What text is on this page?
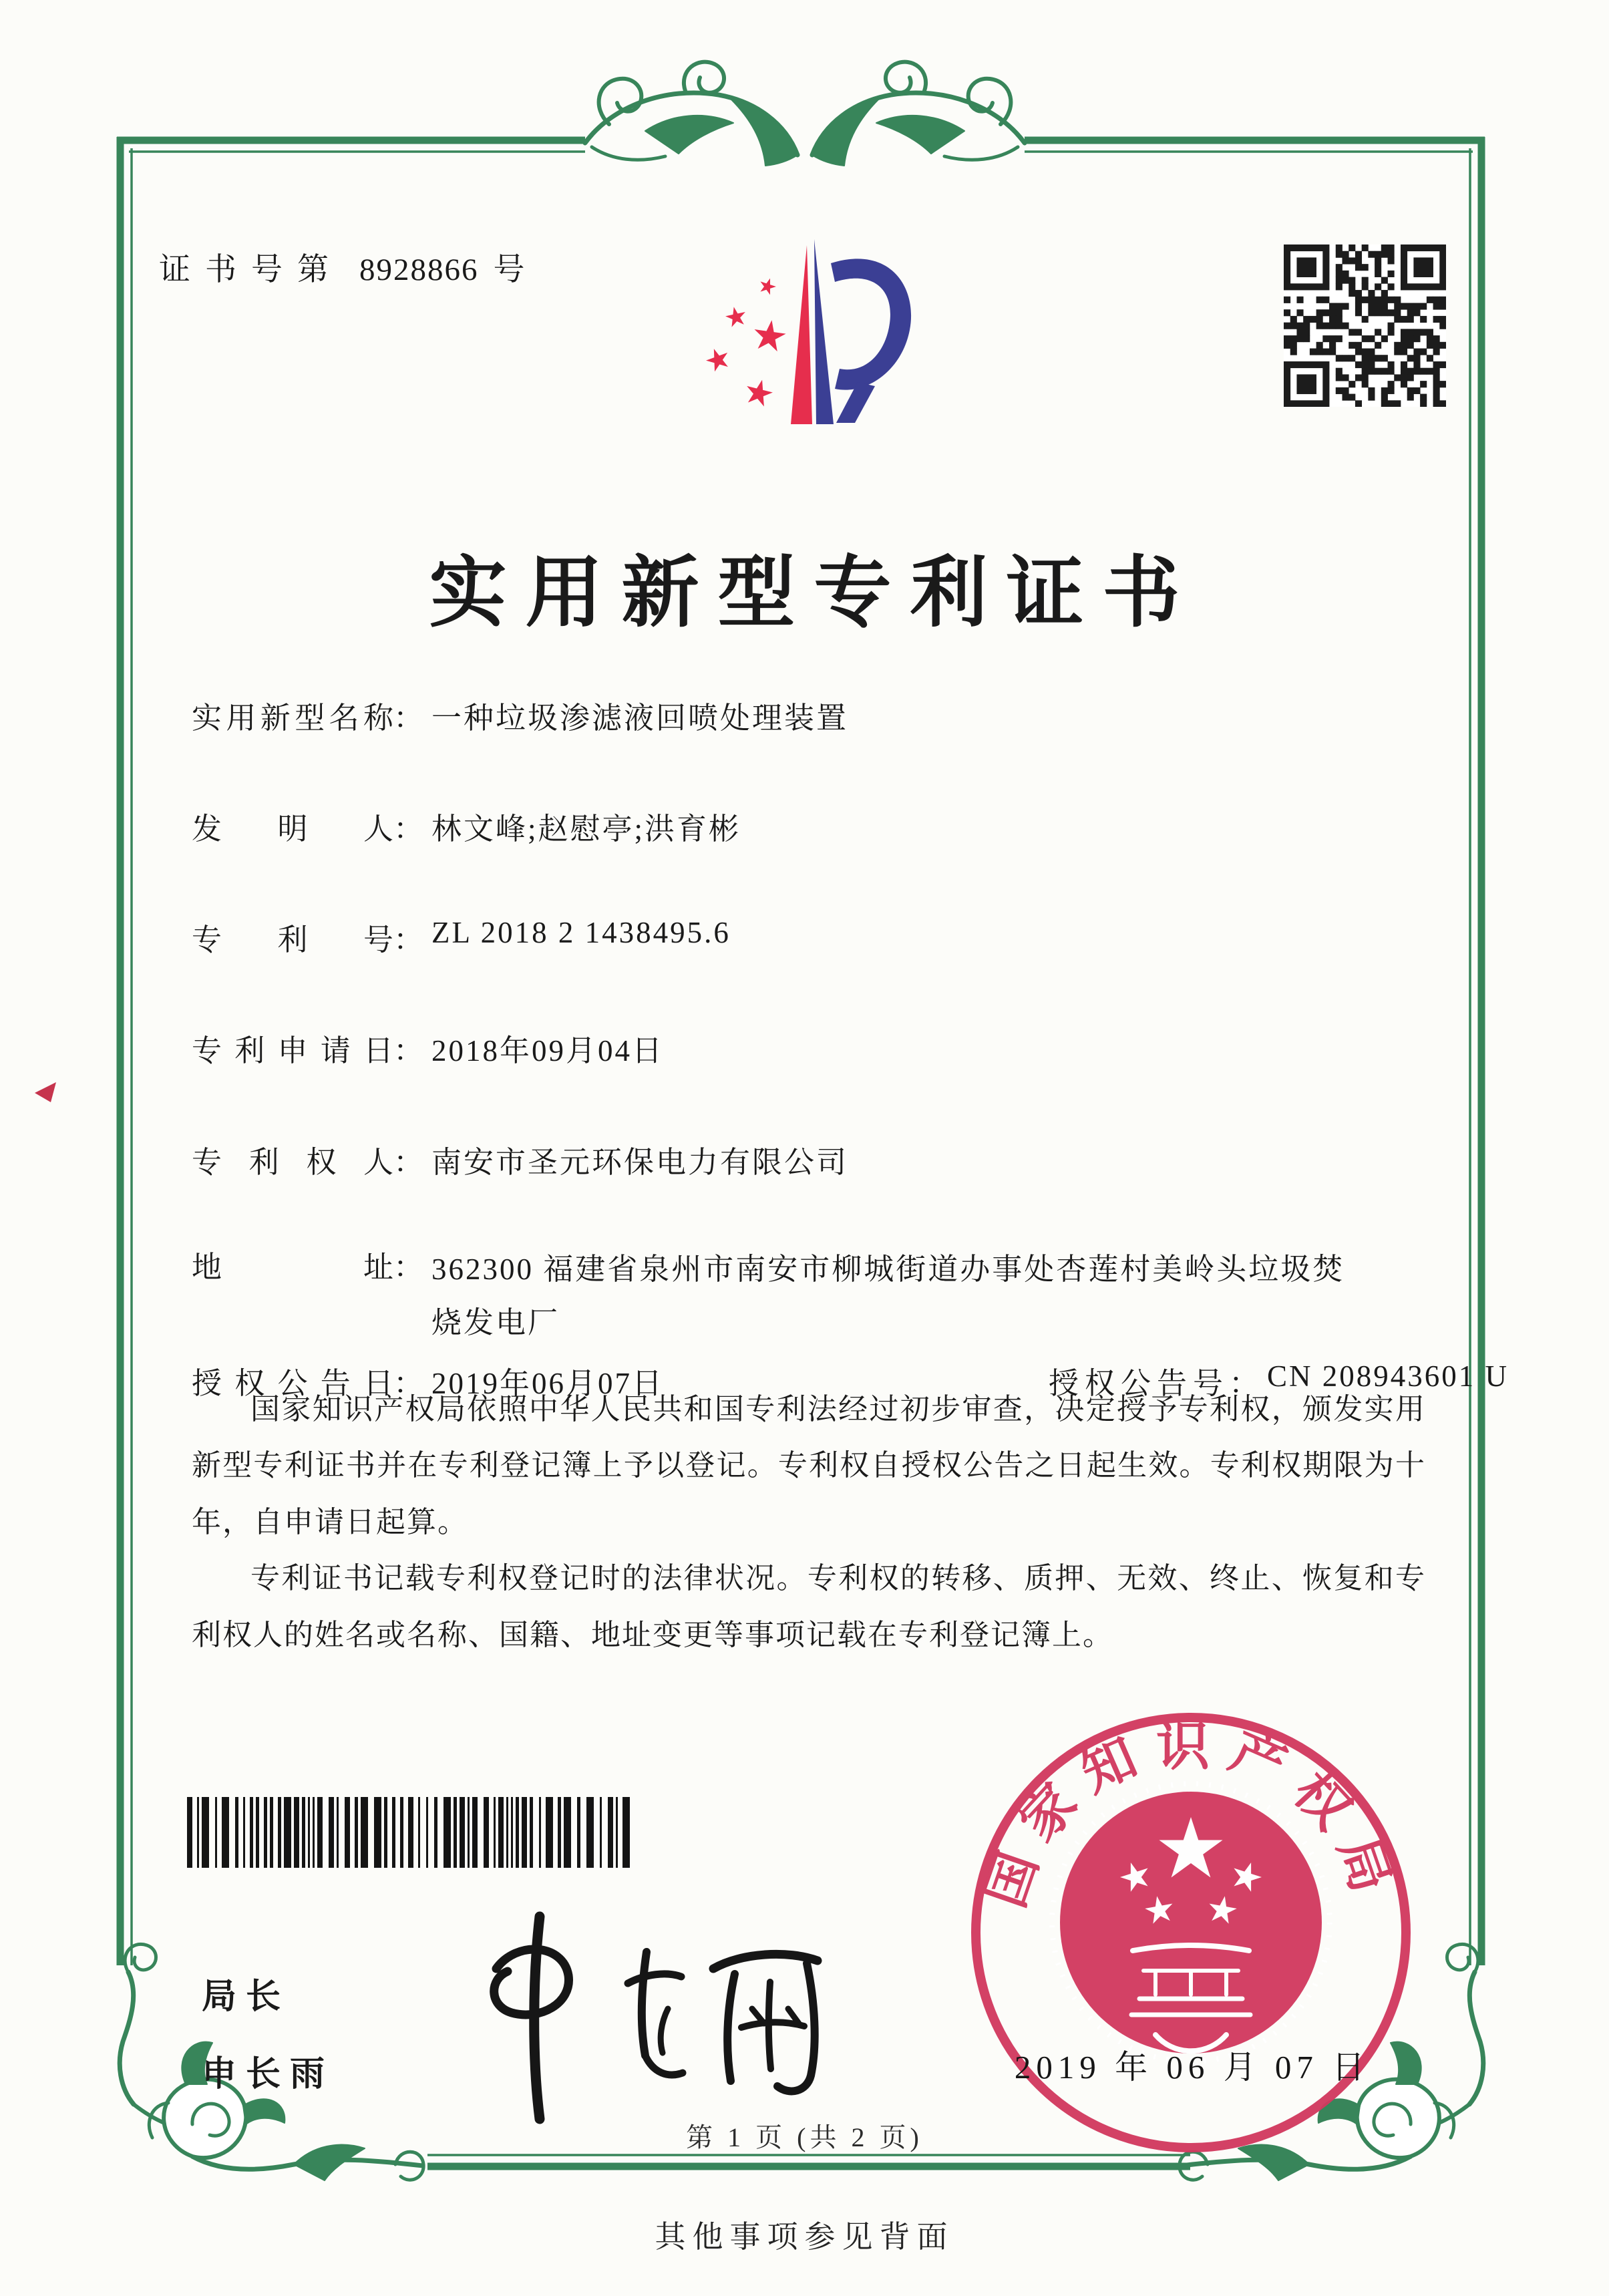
证书号第 8928866 号
实用新型专利证书
实用新型名称： 一种垃圾渗滤液回喷处理装置
发明人： 林文峰;赵慰亭;洪育彬
专利号： ZL 2018 2 1438495.6
专利申请日： 2018年09月04日
专利权人： 南安市圣元环保电力有限公司
地址： 362300 福建省泉州市南安市柳城街道办事处杏莲村美岭头垃圾焚烧发电厂
授权公告日： 2019年06月07日	授权公告号： CN 208943601 U

国家知识产权局依照中华人民共和国专利法经过初步审查，决定授予专利权，颁发实用新型专利证书并在专利登记簿上予以登记。专利权自授权公告之日起生效。专利权期限为十年，自申请日起算。

专利证书记载专利权登记时的法律状况。专利权的转移、质押、无效、终止、恢复和专利权人的姓名或名称、国籍、地址变更等事项记载在专利登记簿上。

局长
申长雨
国家知识产权局
2019 年 06 月 07 日
第 1 页 (共 2 页)
其他事项参见背面
